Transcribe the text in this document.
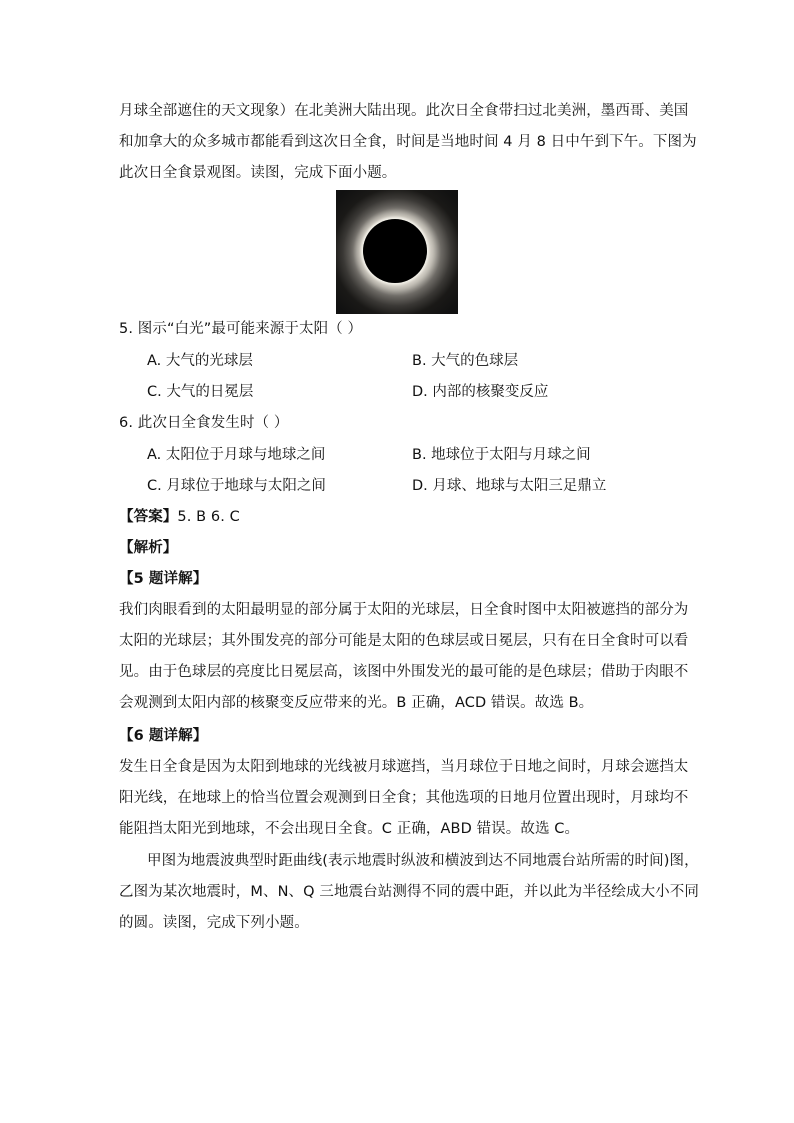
月球全部遮住的天文现象）在北美洲大陆出现。此次日全食带扫过北美洲，墨西哥、美国
和加拿大的众多城市都能看到这次日全食，时间是当地时间 4 月 8 日中午到下午。下图为
此次日全食景观图。读图，完成下面小题。
5. 图示“白光”最可能来源于太阳（ ）
A. 大气的光球层	B. 大气的色球层
C. 大气的日冕层	D. 内部的核聚变反应
6. 此次日全食发生时（ ）
A. 太阳位于月球与地球之间	B. 地球位于太阳与月球之间
C. 月球位于地球与太阳之间	D. 月球、地球与太阳三足鼎立
【答案】5. B 6. C
【解析】
【5 题详解】
我们肉眼看到的太阳最明显的部分属于太阳的光球层，日全食时图中太阳被遮挡的部分为
太阳的光球层；其外围发亮的部分可能是太阳的色球层或日冕层，只有在日全食时可以看
见。由于色球层的亮度比日冕层高，该图中外围发光的最可能的是色球层；借助于肉眼不
会观测到太阳内部的核聚变反应带来的光。B 正确，ACD 错误。故选 B。
【6 题详解】
发生日全食是因为太阳到地球的光线被月球遮挡，当月球位于日地之间时，月球会遮挡太
阳光线，在地球上的恰当位置会观测到日全食；其他选项的日地月位置出现时，月球均不
能阻挡太阳光到地球，不会出现日全食。C 正确，ABD 错误。故选 C。
甲图为地震波典型时距曲线(表示地震时纵波和横波到达不同地震台站所需的时间)图，
乙图为某次地震时，M、N、Q 三地震台站测得不同的震中距，并以此为半径绘成大小不同
的圆。读图，完成下列小题。
